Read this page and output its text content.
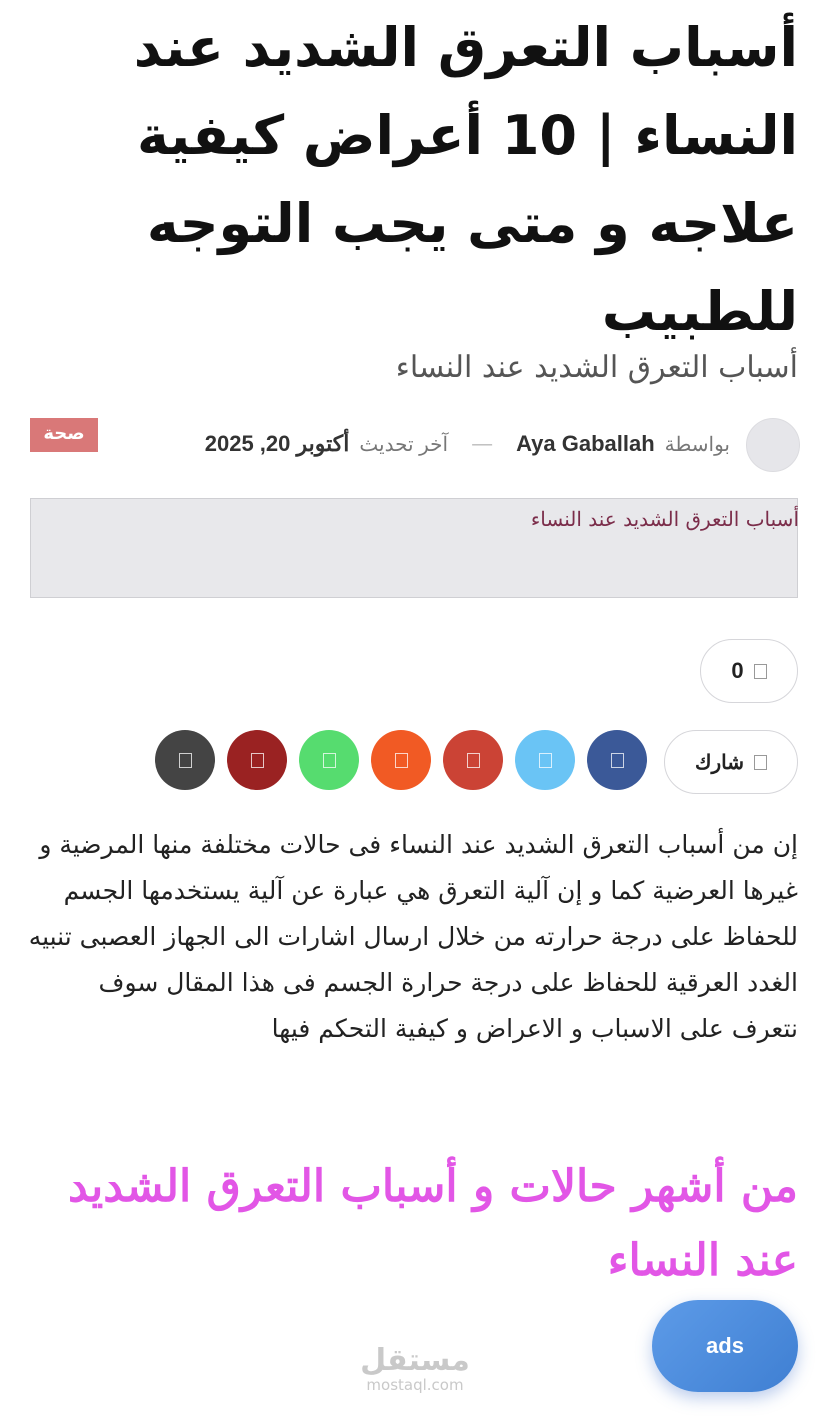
أسباب التعرق الشديد عند النساء | 10 أعراض كيفية علاجه و متى يجب التوجه للطبيب
أسباب التعرق الشديد عند النساء
بواسطة
Aya Gaballah
—
آخر تحديث
أكتوبر 20, 2025
صحة
أسباب التعرق الشديد عند النساء
0
شارك

إن من أسباب التعرق الشديد عند النساء فى حالات مختلفة منها المرضية و غيرها العرضية كما و إن آلية التعرق هي عبارة عن آلية يستخدمها الجسم للحفاظ على درجة حرارته من خلال ارسال اشارات الى الجهاز العصبى تنبيه الغدد العرقية للحفاظ على درجة حرارة الجسم فى هذا المقال سوف نتعرف على الاسباب و الاعراض و كيفية التحكم فيها

من أشهر حالات و أسباب التعرق الشديد عند النساء
مستقل
mostaql.com
ads
